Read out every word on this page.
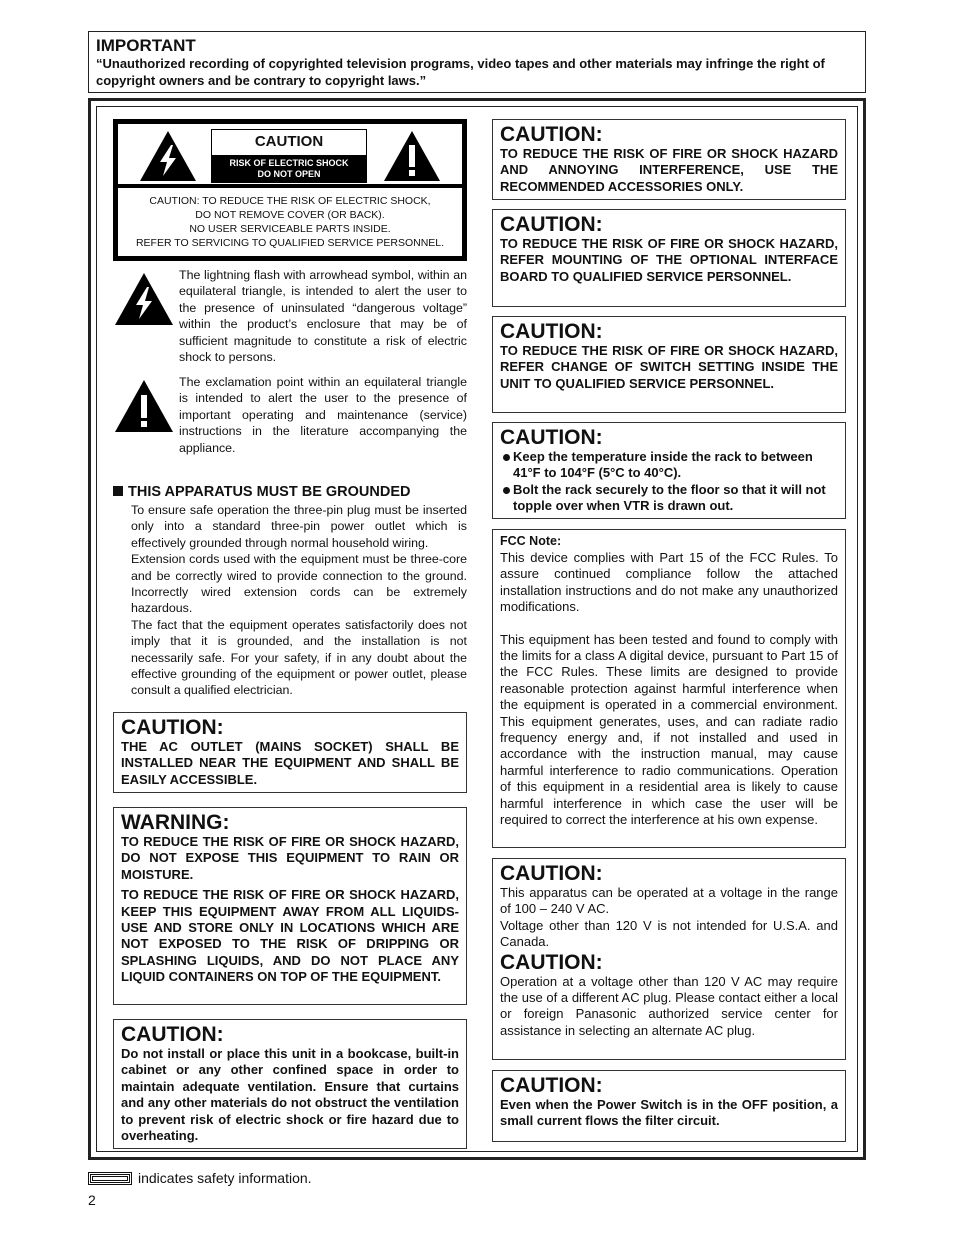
IMPORTANT

“Unauthorized recording of copyrighted television programs, video tapes and other materials may infringe the right of copyright owners and be contrary to copyright laws.”

CAUTION
RISK OF ELECTRIC SHOCK
DO NOT OPEN
CAUTION: TO REDUCE THE RISK OF ELECTRIC SHOCK,
DO NOT REMOVE COVER (OR BACK).
NO USER SERVICEABLE PARTS INSIDE.
REFER TO SERVICING TO QUALIFIED SERVICE PERSONNEL.

The lightning flash with arrowhead symbol, within an equilateral triangle, is intended to alert the user to the presence of uninsulated “dangerous voltage” within the product’s enclosure that may be of sufficient magnitude to constitute a risk of electric shock to persons.

The exclamation point within an equilateral triangle is intended to alert the user to the presence of important operating and maintenance (service) instructions in the literature accompanying the appliance.

THIS APPARATUS MUST BE GROUNDED

To ensure safe operation the three-pin plug must be inserted only into a standard three-pin power outlet which is effectively grounded through normal household wiring.

Extension cords used with the equipment must be three-core and be correctly wired to provide connection to the ground. Incorrectly wired extension cords can be extremely hazardous.

The fact that the equipment operates satisfactorily does not imply that it is grounded, and the installation is not necessarily safe. For your safety, if in any doubt about the effective grounding of the equipment or power outlet, please consult a qualified electrician.

CAUTION:

THE AC OUTLET (MAINS SOCKET) SHALL BE INSTALLED NEAR THE EQUIPMENT AND SHALL BE EASILY ACCESSIBLE.

WARNING:

TO REDUCE THE RISK OF FIRE OR SHOCK HAZARD, DO NOT EXPOSE THIS EQUIPMENT TO RAIN OR MOISTURE.

TO REDUCE THE RISK OF FIRE OR SHOCK HAZARD, KEEP THIS EQUIPMENT AWAY FROM ALL LIQUIDS-USE AND STORE ONLY IN LOCATIONS WHICH ARE NOT EXPOSED TO THE RISK OF DRIPPING OR SPLASHING LIQUIDS, AND DO NOT PLACE ANY LIQUID CONTAINERS ON TOP OF THE EQUIPMENT.

CAUTION:

Do not install or place this unit in a bookcase, built-in cabinet or any other confined space in order to maintain adequate ventilation. Ensure that curtains and any other materials do not obstruct the ventilation to prevent risk of electric shock or fire hazard due to overheating.

CAUTION:

TO REDUCE THE RISK OF FIRE OR SHOCK HAZARD AND ANNOYING INTERFERENCE, USE THE RECOMMENDED ACCESSORIES ONLY.

CAUTION:

TO REDUCE THE RISK OF FIRE OR SHOCK HAZARD, REFER MOUNTING OF THE OPTIONAL INTERFACE BOARD TO QUALIFIED SERVICE PERSONNEL.

CAUTION:

TO REDUCE THE RISK OF FIRE OR SHOCK HAZARD, REFER CHANGE OF SWITCH SETTING INSIDE THE UNIT TO QUALIFIED SERVICE PERSONNEL.

CAUTION:
Keep the temperature inside the rack to between 41°F to 104°F (5°C to 40°C).
Bolt the rack securely to the floor so that it will not topple over when VTR is drawn out.
FCC Note:

This device complies with Part 15 of the FCC Rules. To assure continued compliance follow the attached installation instructions and do not make any unauthorized modifications.

This equipment has been tested and found to comply with the limits for a class A digital device, pursuant to Part 15 of the FCC Rules. These limits are designed to provide reasonable protection against harmful interference when the equipment is operated in a commercial environment. This equipment generates, uses, and can radiate radio frequency energy and, if not installed and used in accordance with the instruction manual, may cause harmful interference to radio communications. Operation of this equipment in a residential area is likely to cause harmful interference in which case the user will be required to correct the interference at his own expense.

CAUTION:

This apparatus can be operated at a voltage in the range of 100 – 240 V AC.

Voltage other than 120 V is not intended for U.S.A. and Canada.

CAUTION:

Operation at a voltage other than 120 V AC may require the use of a different AC plug. Please contact either a local or foreign Panasonic authorized service center for assistance in selecting an alternate AC plug.

CAUTION:

Even when the Power Switch is in the OFF position, a small current flows the filter circuit.

indicates safety information.
2
